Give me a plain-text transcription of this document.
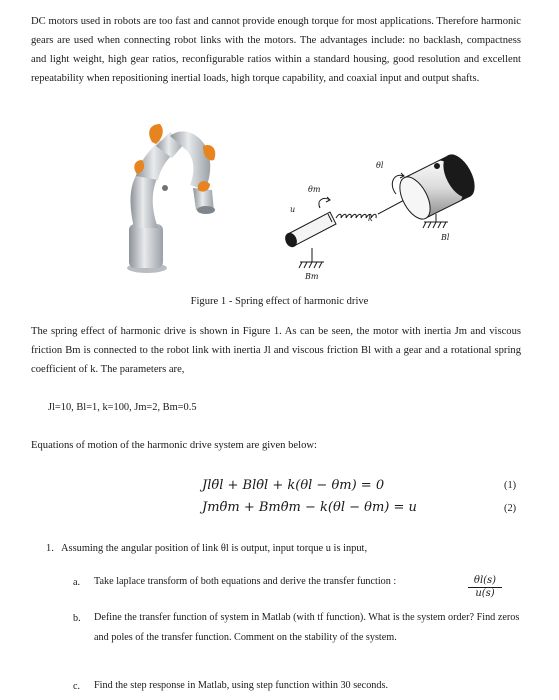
DC motors used in robots are too fast and cannot provide enough torque for most applications. Therefore harmonic gears are used when connecting robot links with the motors. The advantages include: no backlash, compactness and light weight, high gear ratios, reconfigurable ratios within a standard housing, good resolution and excellent repeatability when repositioning inertial loads, high torque capability, and coaxial input and output shafts.
θl
θm
u
k
Bl
Bm
Figure 1 - Spring effect of harmonic drive
The spring effect of harmonic drive is shown in Figure 1. As can be seen, the motor with inertia Jm and viscous friction Bm is connected to the robot link with inertia Jl and viscous friction Bl with a gear and a rotational spring coefficient of k. The parameters are,
Jl=10, Bl=1, k=100, Jm=2, Bm=0.5
Equations of motion of the harmonic drive system are given below:
Jlθ̈l + Blθ̇l + k(θl − θm) = 0	(1)
Jmθ̈m + Bmθ̇m − k(θl − θm) = u	(2)
1. Assuming the angular position of link θl is output, input torque u is input,
a. Take laplace transform of both equations and derive the transfer function :	$\frac{\theta l(s)}{u(s)}$
b. Define the transfer function of system in Matlab (with tf function). What is the system order? Find zeros and poles of the transfer function. Comment on the stability of the system.
c. Find the step response in Matlab, using step function within 30 seconds.
